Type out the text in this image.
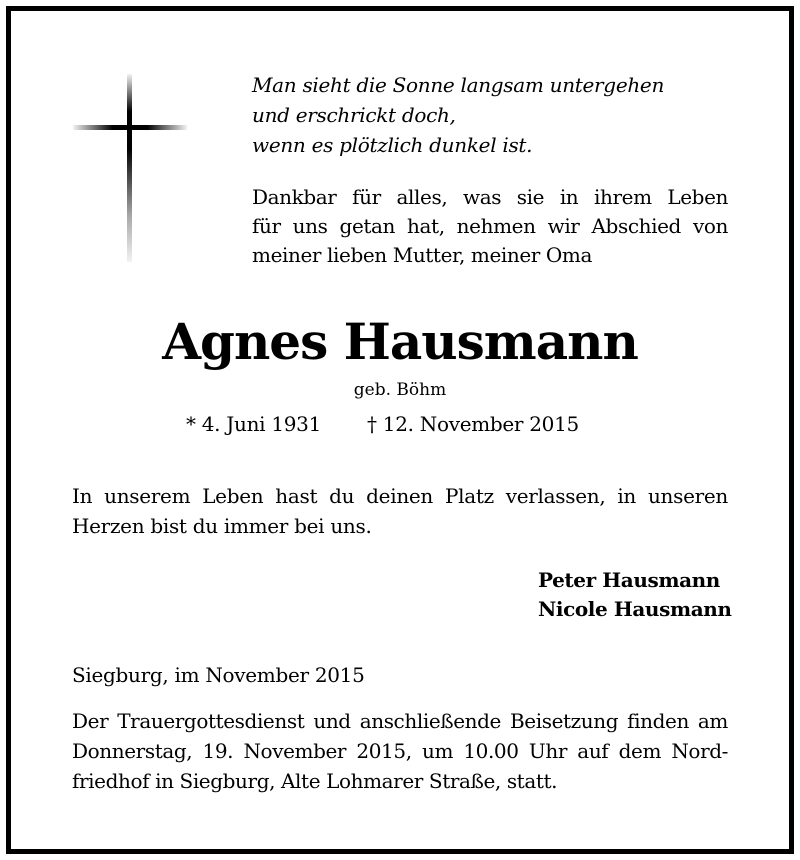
Man sieht die Sonne langsam untergehen
und erschrickt doch,
wenn es plötzlich dunkel ist.
Dankbar für alles, was sie in ihrem Leben
für uns getan hat, nehmen wir Abschied von
meiner lieben Mutter, meiner Oma
Agnes Hausmann
geb. Böhm
* 4. Juni 1931 † 12. November 2015
In unserem Leben hast du deinen Platz verlassen, in unseren
Herzen bist du immer bei uns.
Peter Hausmann
Nicole Hausmann
Siegburg, im November 2015
Der Trauergottesdienst und anschließende Beisetzung finden am
Donnerstag, 19. November 2015, um 10.00 Uhr auf dem Nord-
friedhof in Siegburg, Alte Lohmarer Straße, statt.
